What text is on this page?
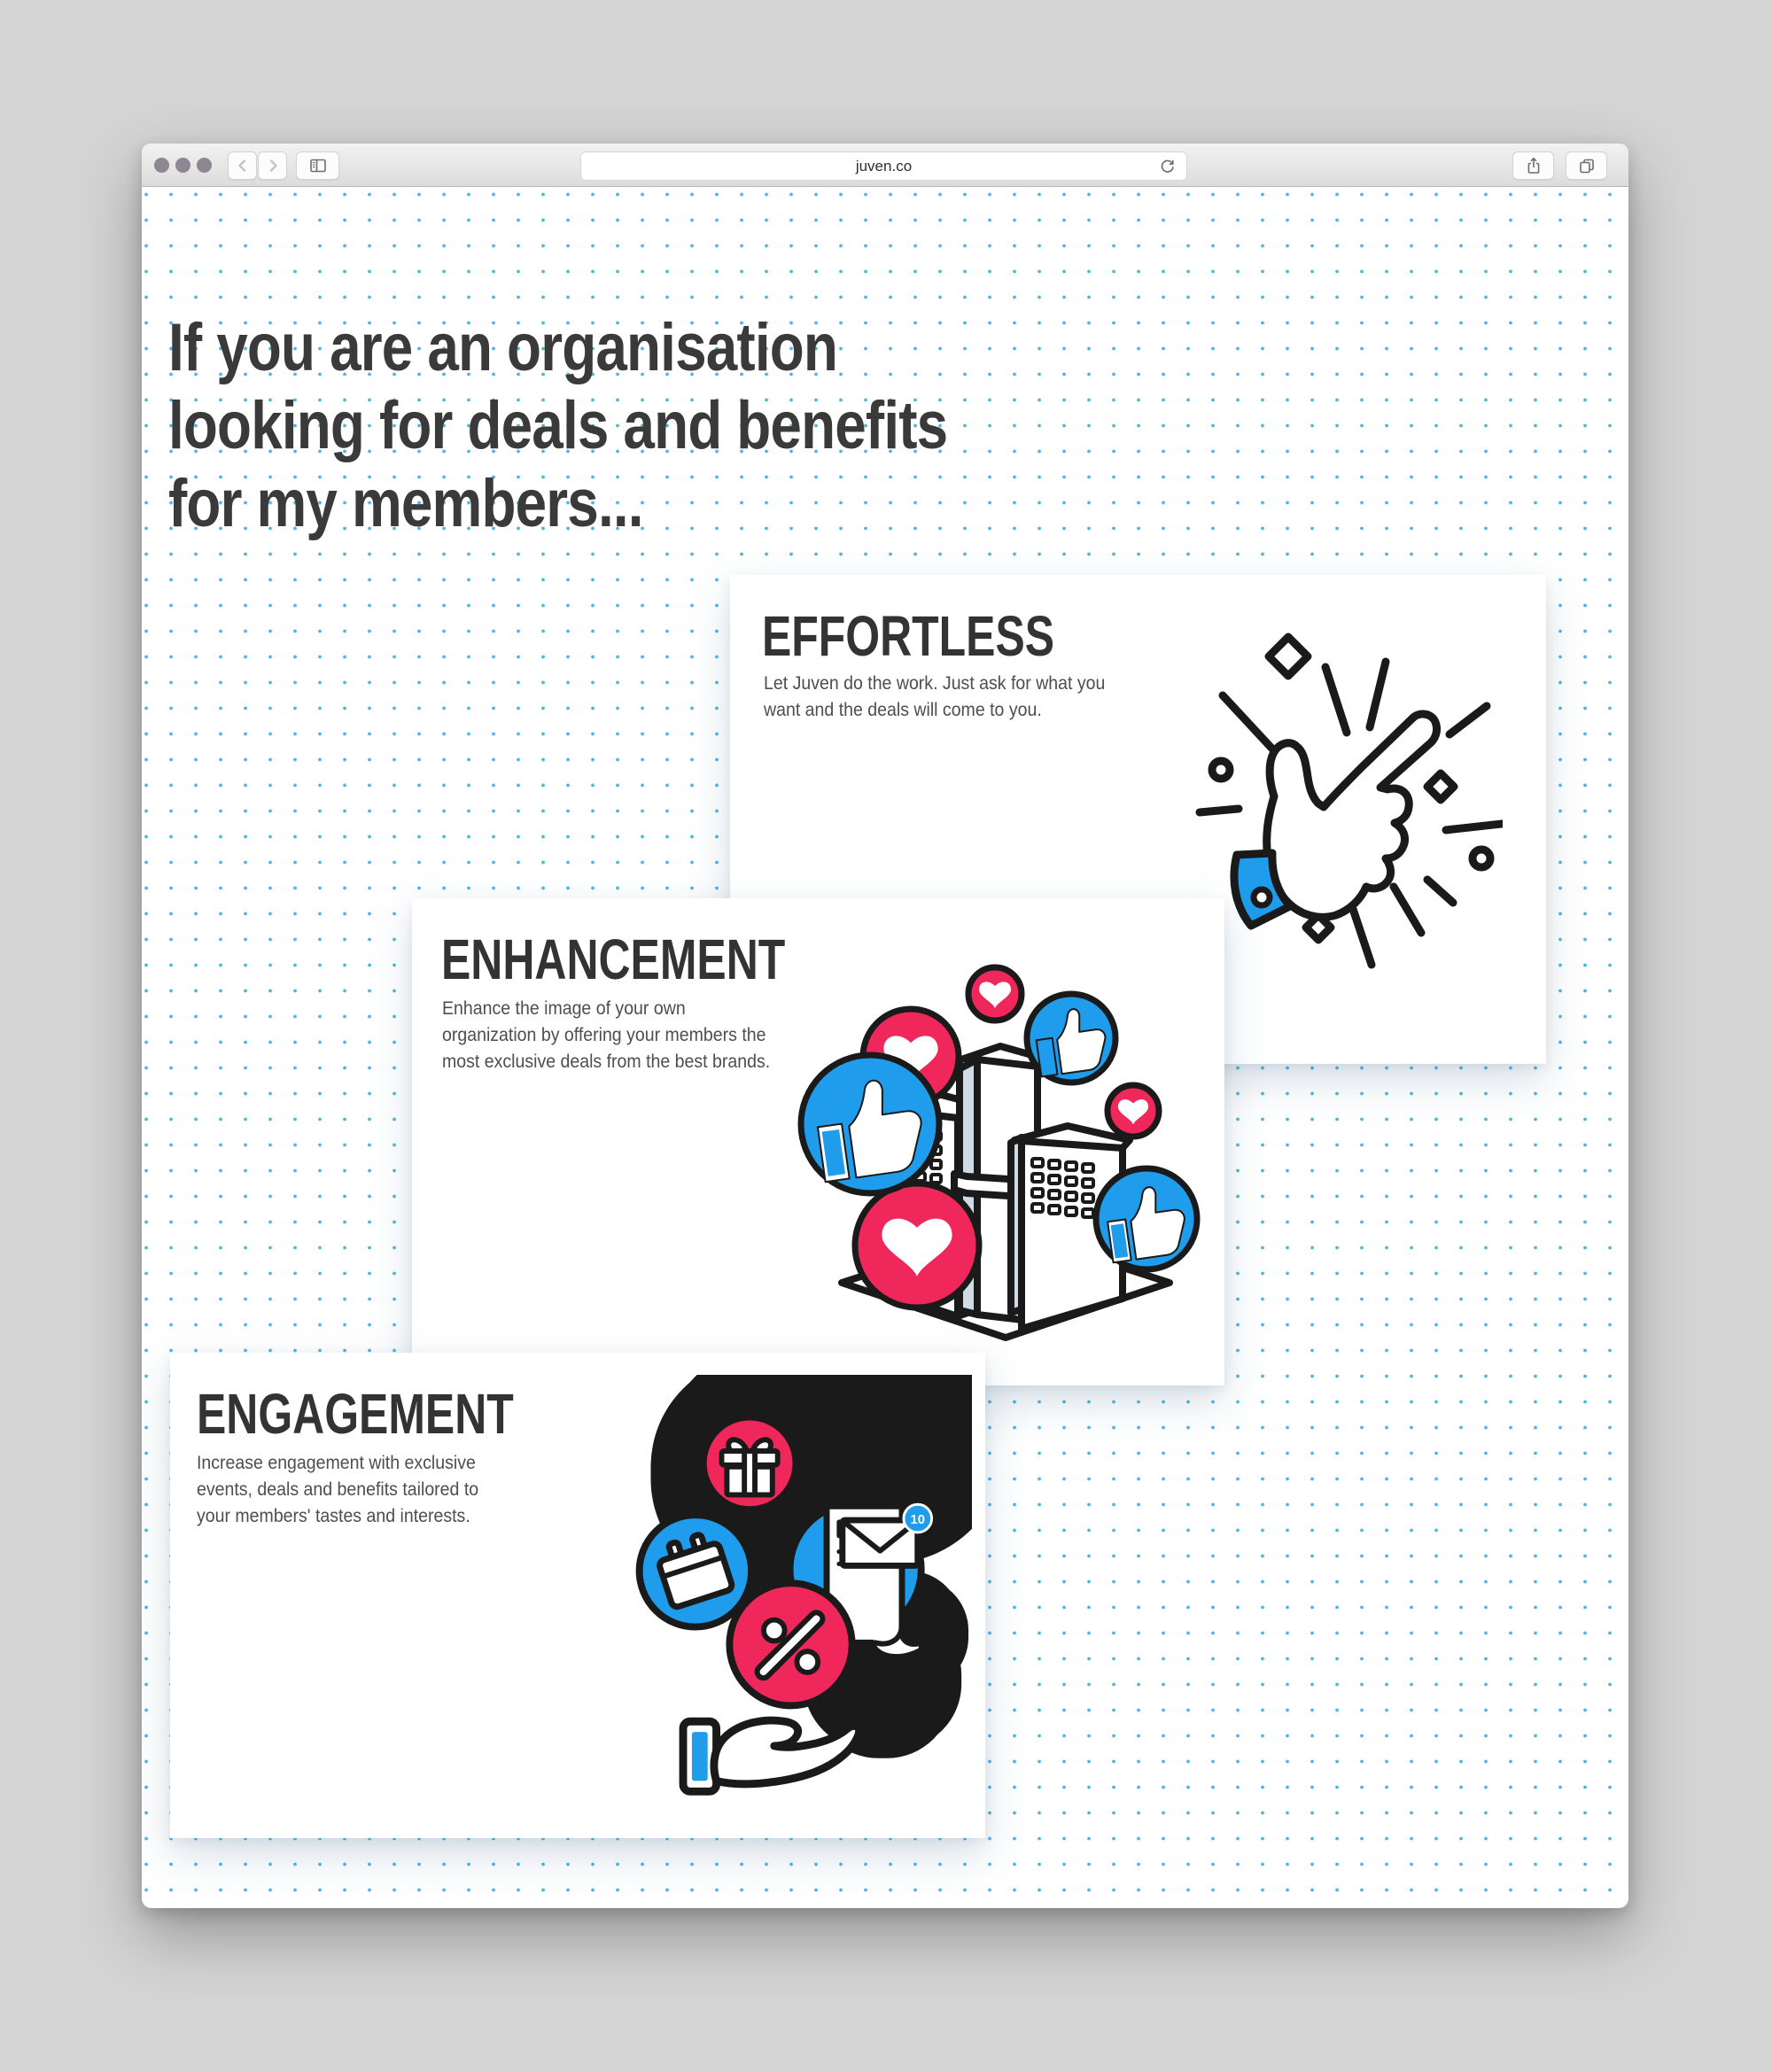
juven.co
If you are an organisation
looking for deals and benefits
for my members...
EFFORTLESS
Let Juven do the work. Just ask for what you
want and the deals will come to you.
ENHANCEMENT
Enhance the image of your own
organization by offering your members the
most exclusive deals from the best brands.
ENGAGEMENT
Increase engagement with exclusive
events, deals and benefits tailored to
your members' tastes and interests.	10
